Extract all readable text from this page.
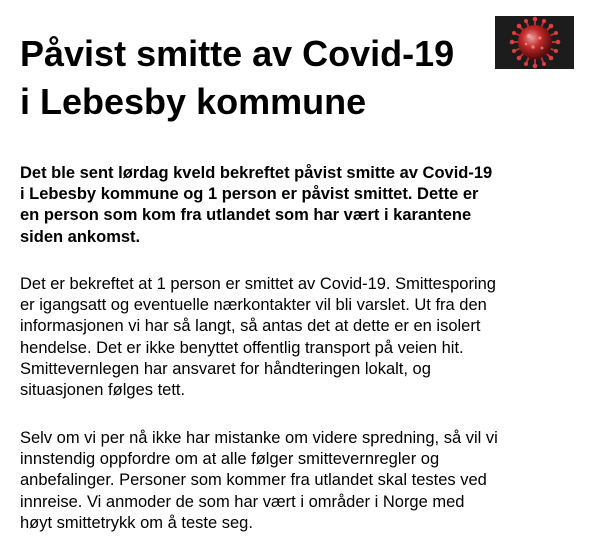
Påvist smitte av Covid-19
i Lebesby kommune

Det ble sent lørdag kveld bekreftet påvist smitte av Covid-19
i Lebesby kommune og 1 person er påvist smittet. Dette er
en person som kom fra utlandet som har vært i karantene
siden ankomst.

Det er bekreftet at 1 person er smittet av Covid-19. Smittesporing
er igangsatt og eventuelle nærkontakter vil bli varslet. Ut fra den
informasjonen vi har så langt, så antas det at dette er en isolert
hendelse. Det er ikke benyttet offentlig transport på veien hit.
Smittevernlegen har ansvaret for håndteringen lokalt, og
situasjonen følges tett.

Selv om vi per nå ikke har mistanke om videre spredning, så vil vi
innstendig oppfordre om at alle følger smittevernregler og
anbefalinger. Personer som kommer fra utlandet skal testes ved
innreise. Vi anmoder de som har vært i områder i Norge med
høyt smittetrykk om å teste seg.
